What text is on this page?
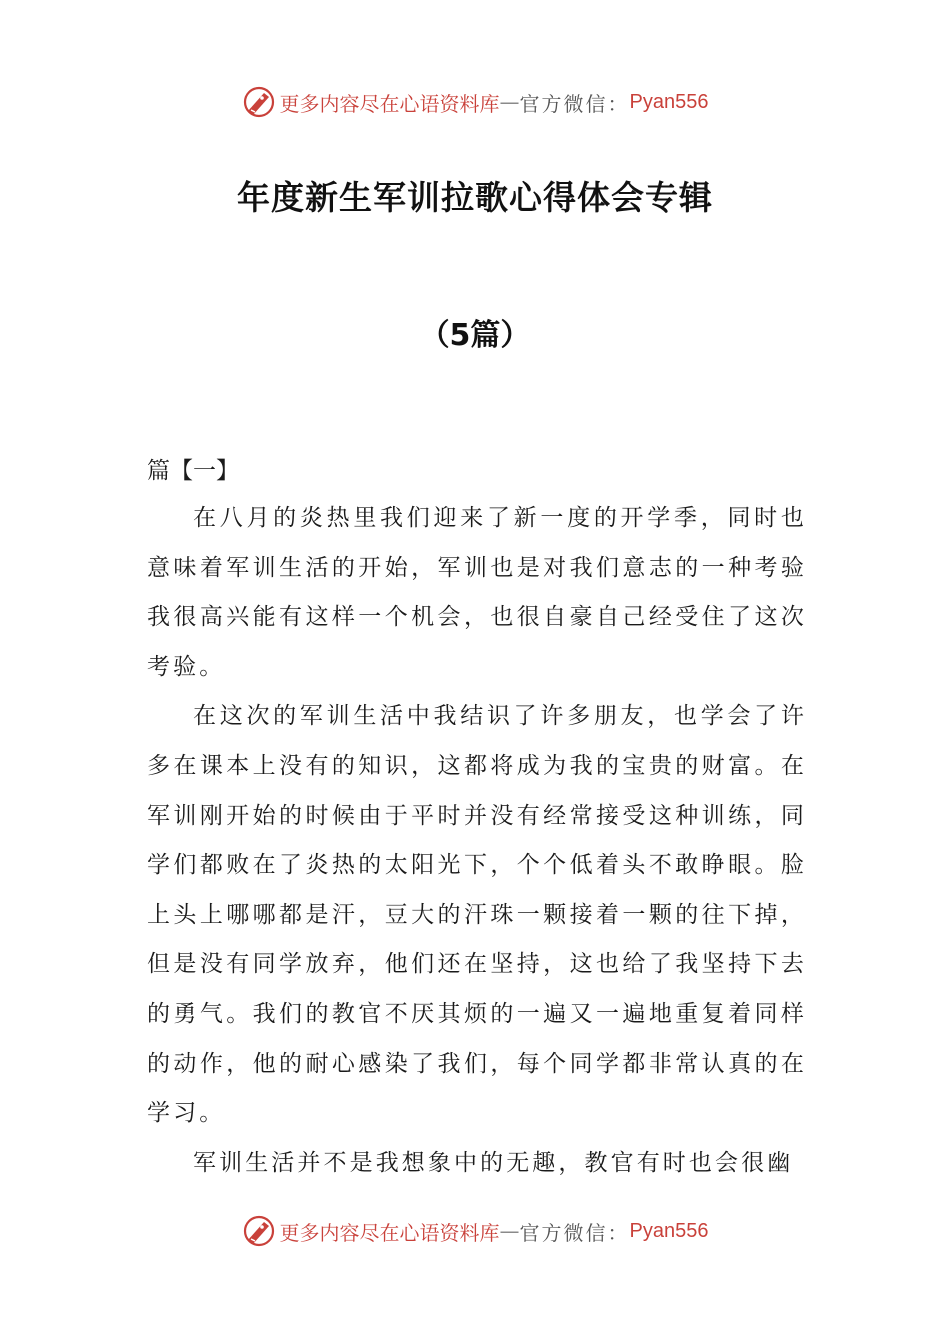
更多内容尽在心语资料库 — 官方微信： Pyan556
年度新生军训拉歌心得体会专辑
（5篇）
篇【一】

在八月的炎热里我们迎来了新一度的开学季，同时也意味着军训生活的开始，军训也是对我们意志的一种考验我很高兴能有这样一个机会，也很自豪自己经受住了这次考验。

在这次的军训生活中我结识了许多朋友，也学会了许多在课本上没有的知识，这都将成为我的宝贵的财富。在军训刚开始的时候由于平时并没有经常接受这种训练，同学们都败在了炎热的太阳光下，个个低着头不敢睁眼。脸上头上哪哪都是汗，豆大的汗珠一颗接着一颗的往下掉，但是没有同学放弃，他们还在坚持，这也给了我坚持下去的勇气。我们的教官不厌其烦的一遍又一遍地重复着同样的动作，他的耐心感染了我们，每个同学都非常认真的在学习。

军训生活并不是我想象中的无趣，教官有时也会很幽

更多内容尽在心语资料库 — 官方微信： Pyan556
